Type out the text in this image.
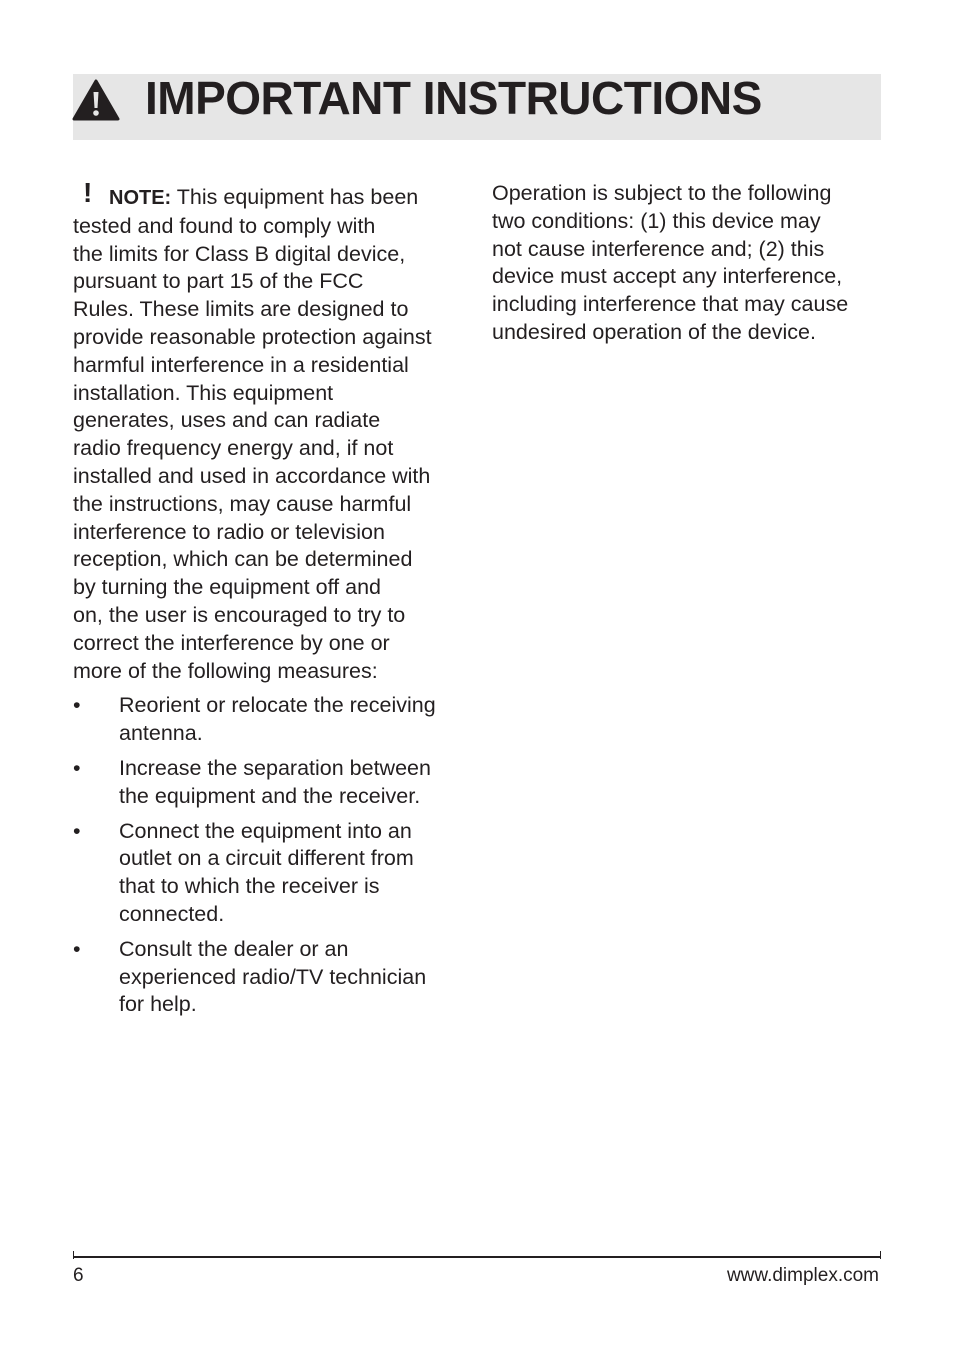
IMPORTANT INSTRUCTIONS

! NOTE: This equipment has been
tested and found to comply with
the limits for Class B digital device,
pursuant to part 15 of the FCC
Rules. These limits are designed to
provide reasonable protection against
harmful interference in a residential
installation. This equipment
generates, uses and can radiate
radio frequency energy and, if not
installed and used in accordance with
the instructions, may cause harmful
interference to radio or television
reception, which can be determined
by turning the equipment off and
on, the user is encouraged to try to
correct the interference by one or
more of the following measures:

• Reorient or relocate the receiving
antenna.
• Increase the separation between
the equipment and the receiver.
• Connect the equipment into an
outlet on a circuit different from
that to which the receiver is
connected.
• Consult the dealer or an
experienced radio/TV technician
for help.

Operation is subject to the following
two conditions: (1) this device may
not cause interference and; (2) this
device must accept any interference,
including interference that may cause
undesired operation of the device.

6	www.dimplex.com
